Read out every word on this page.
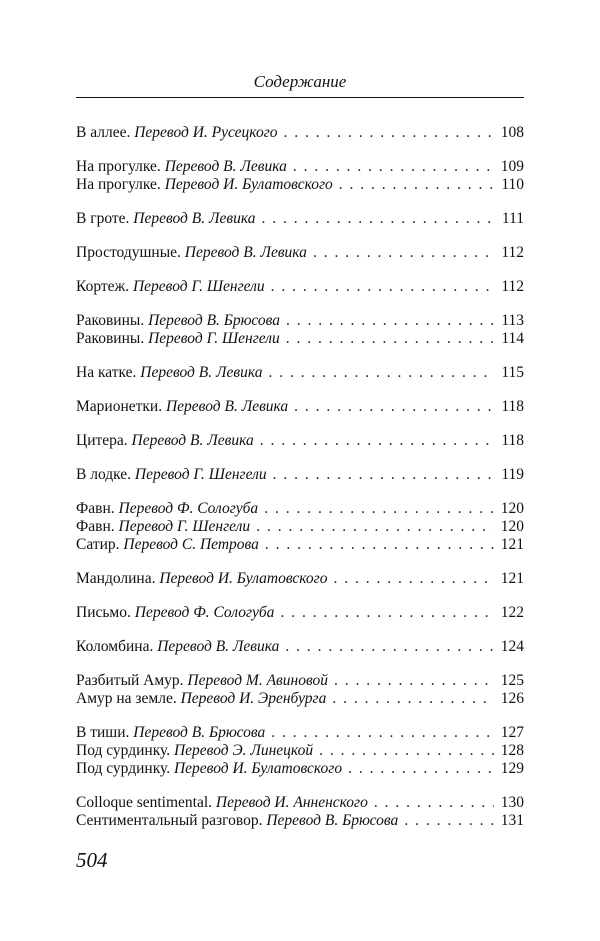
Содержание
В аллее. Перевод И. Русецкого . . .	108
На прогулке. Перевод В. Левика . . .	109
На прогулке. Перевод И. Булатовского . . .	110
В гроте. Перевод В. Левика . . .	111
Простодушные. Перевод В. Левика . . .	112
Кортеж. Перевод Г. Шенгели . . .	112
Раковины. Перевод В. Брюсова . . .	113
Раковины. Перевод Г. Шенгели . . .	114
На катке. Перевод В. Левика . . .	115
Марионетки. Перевод В. Левика . . .	118
Цитера. Перевод В. Левика . . .	118
В лодке. Перевод Г. Шенгели . . .	119
Фавн. Перевод Ф. Сологуба . . .	120
Фавн. Перевод Г. Шенгели . . .	120
Сатир. Перевод С. Петрова . . .	121
Мандолина. Перевод И. Булатовского . . .	121
Письмо. Перевод Ф. Сологуба . . .	122
Коломбина. Перевод В. Левика . . .	124
Разбитый Амур. Перевод М. Авиновой . . .	125
Амур на земле. Перевод И. Эренбурга . . .	126
В тиши. Перевод В. Брюсова . . .	127
Под сурдинку. Перевод Э. Линецкой . . .	128
Под сурдинку. Перевод И. Булатовского . . .	129
Colloque sentimental. Перевод И. Анненского . . .	130
Сентиментальный разговор. Перевод В. Брюсова . . .	131
504
